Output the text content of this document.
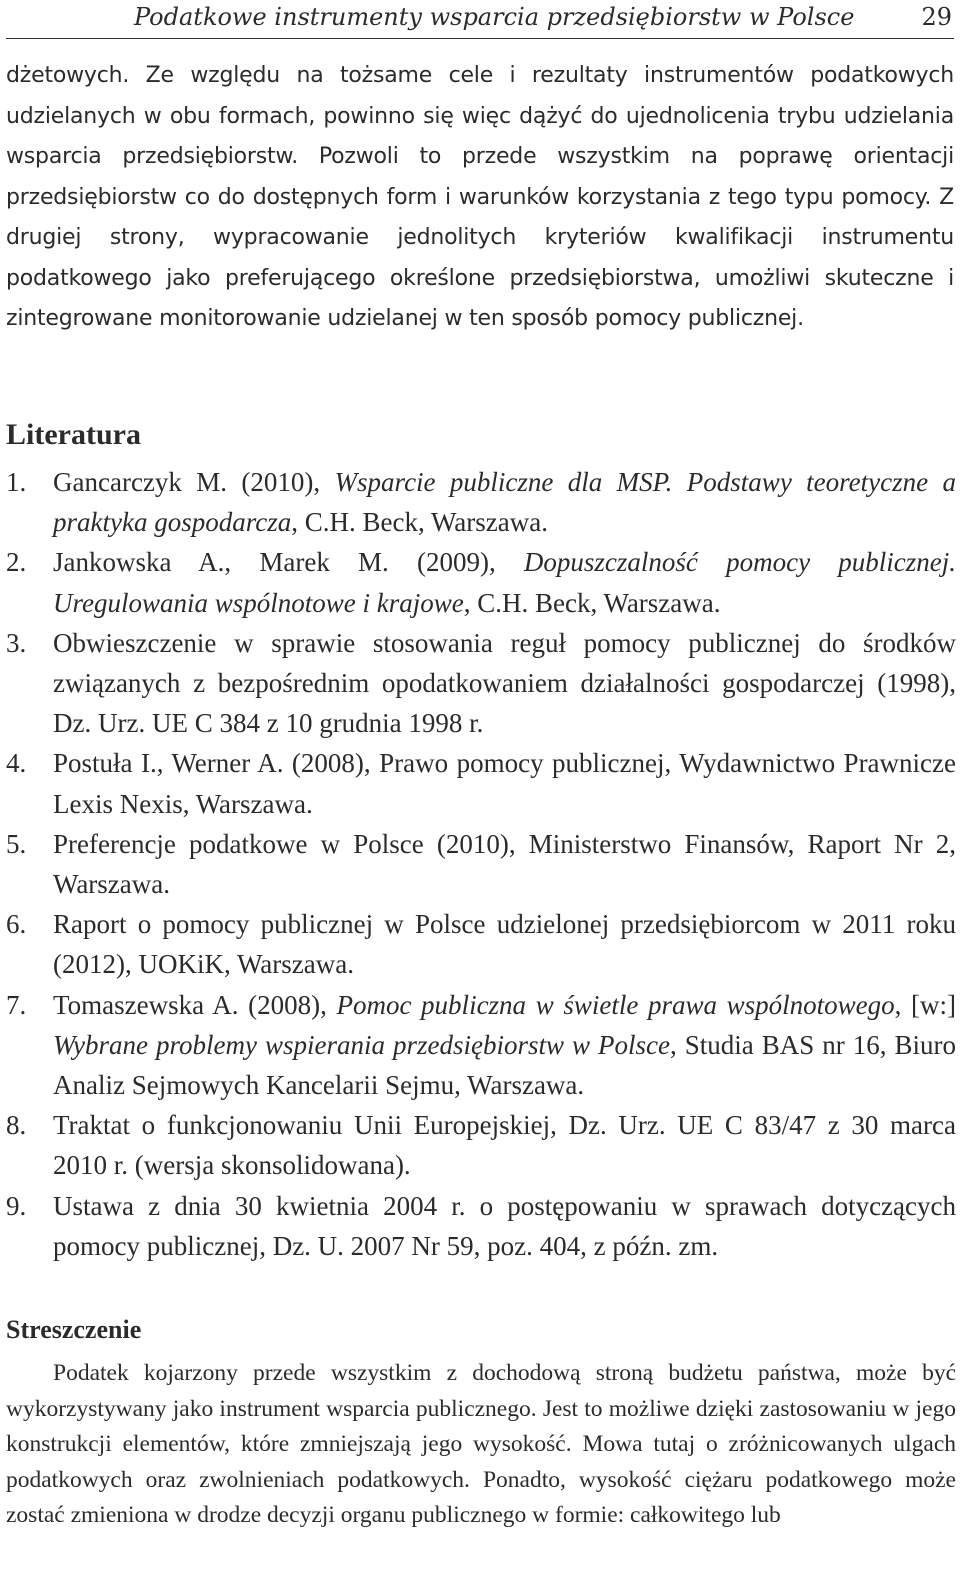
Podatkowe instrumenty wsparcia przedsiębiorstw w Polsce	29

dżetowych. Ze względu na tożsame cele i rezultaty instrumentów podatkowych udzielanych w obu formach, powinno się więc dążyć do ujednolicenia trybu udzielania wsparcia przedsiębiorstw. Pozwoli to przede wszystkim na poprawę orientacji przedsiębiorstw co do dostępnych form i warunków korzystania z tego typu pomocy. Z drugiej strony, wypracowanie jednolitych kryteriów kwalifikacji instrumentu podatkowego jako preferującego określone przedsiębiorstwa, umożliwi skuteczne i zintegrowane monitorowanie udzielanej w ten sposób pomocy publicznej.

Literatura
1. Gancarczyk M. (2010), Wsparcie publiczne dla MSP. Podstawy teoretyczne a praktyka gospodarcza, C.H. Beck, Warszawa.
2. Jankowska A., Marek M. (2009), Dopuszczalność pomocy publicznej. Uregulowania wspólnotowe i krajowe, C.H. Beck, Warszawa.
3. Obwieszczenie w sprawie stosowania reguł pomocy publicznej do środków związanych z bezpośrednim opodatkowaniem działalności gospodarczej (1998), Dz. Urz. UE C 384 z 10 grudnia 1998 r.
4. Postuła I., Werner A. (2008), Prawo pomocy publicznej, Wydawnictwo Prawnicze Lexis Nexis, Warszawa.
5. Preferencje podatkowe w Polsce (2010), Ministerstwo Finansów, Raport Nr 2, Warszawa.
6. Raport o pomocy publicznej w Polsce udzielonej przedsiębiorcom w 2011 roku (2012), UOKiK, Warszawa.
7. Tomaszewska A. (2008), Pomoc publiczna w świetle prawa wspólnotowego, [w:] Wybrane problemy wspierania przedsiębiorstw w Polsce, Studia BAS nr 16, Biuro Analiz Sejmowych Kancelarii Sejmu, Warszawa.
8. Traktat o funkcjonowaniu Unii Europejskiej, Dz. Urz. UE C 83/47 z 30 marca 2010 r. (wersja skonsolidowana).
9. Ustawa z dnia 30 kwietnia 2004 r. o postępowaniu w sprawach dotyczących pomocy publicznej, Dz. U. 2007 Nr 59, poz. 404, z późn. zm.
Streszczenie

Podatek kojarzony przede wszystkim z dochodową stroną budżetu państwa, może być wykorzystywany jako instrument wsparcia publicznego. Jest to możliwe dzięki zastosowaniu w jego konstrukcji elementów, które zmniejszają jego wysokość. Mowa tutaj o zróżnicowanych ulgach podatkowych oraz zwolnieniach podatkowych. Ponadto, wysokość ciężaru podatkowego może zostać zmieniona w drodze decyzji organu publicznego w formie: całkowitego lub
